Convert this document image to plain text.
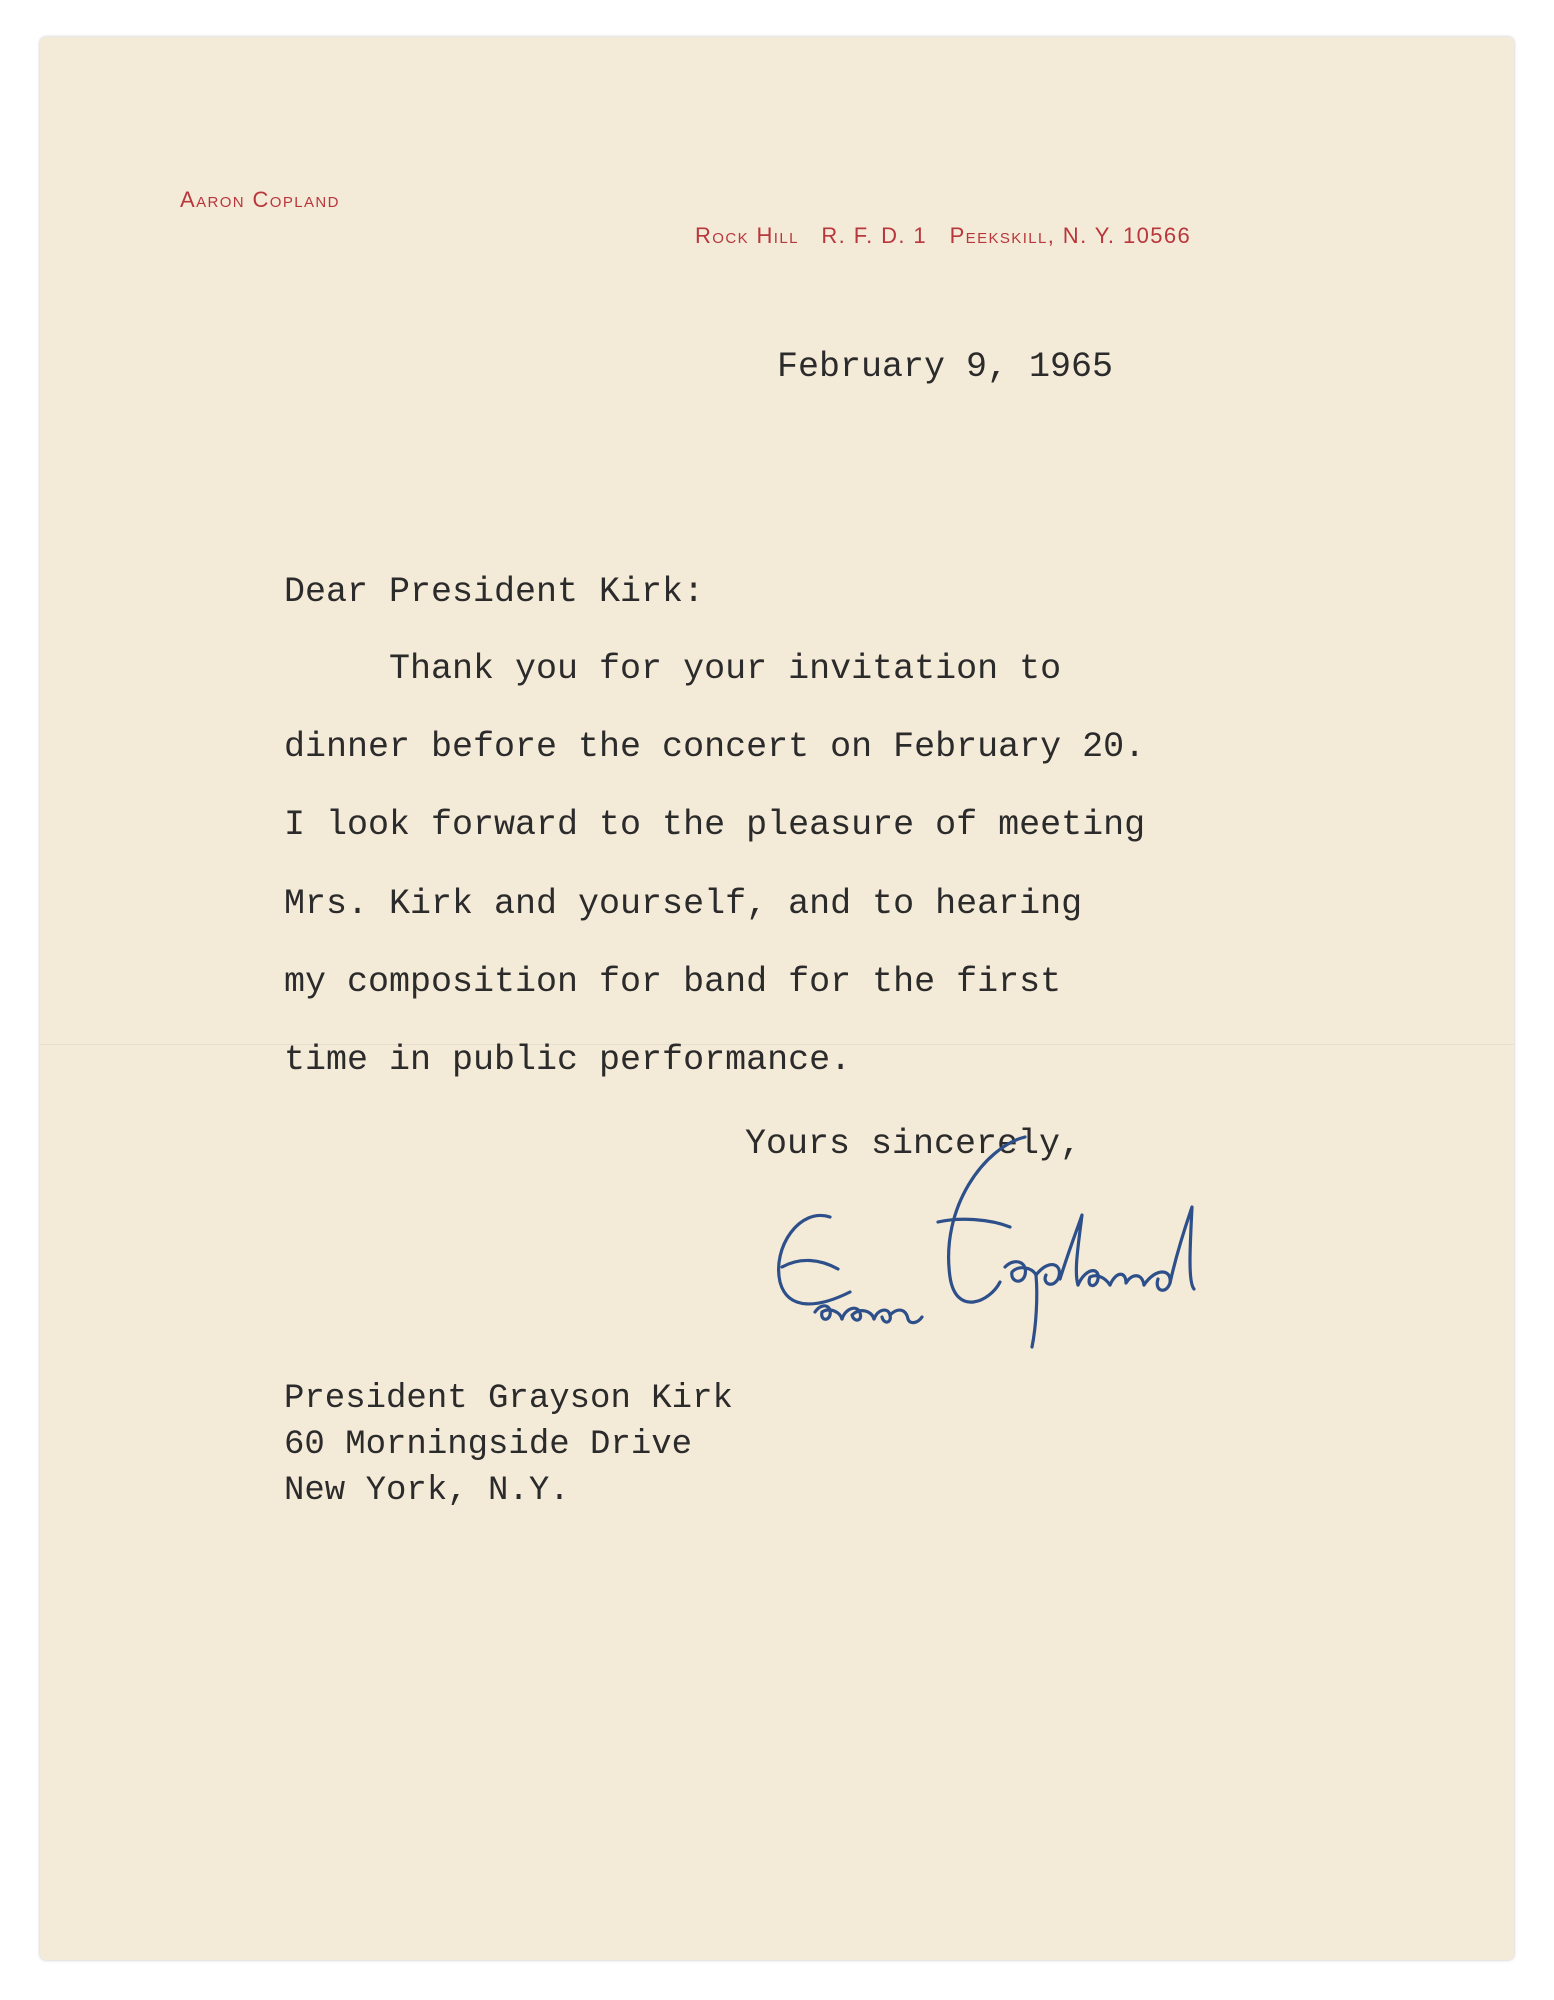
Aaron Copland
Rock Hill   R. F. D. 1   Peekskill, N. Y. 10566
February 9, 1965
Dear President Kirk:
Thank you for your invitation to
dinner before the concert on February 20.
I look forward to the pleasure of meeting
Mrs. Kirk and yourself, and to hearing
my composition for band for the first
time in public performance.
Yours sincerely,
President Grayson Kirk
60 Morningside Drive
New York, N.Y.
